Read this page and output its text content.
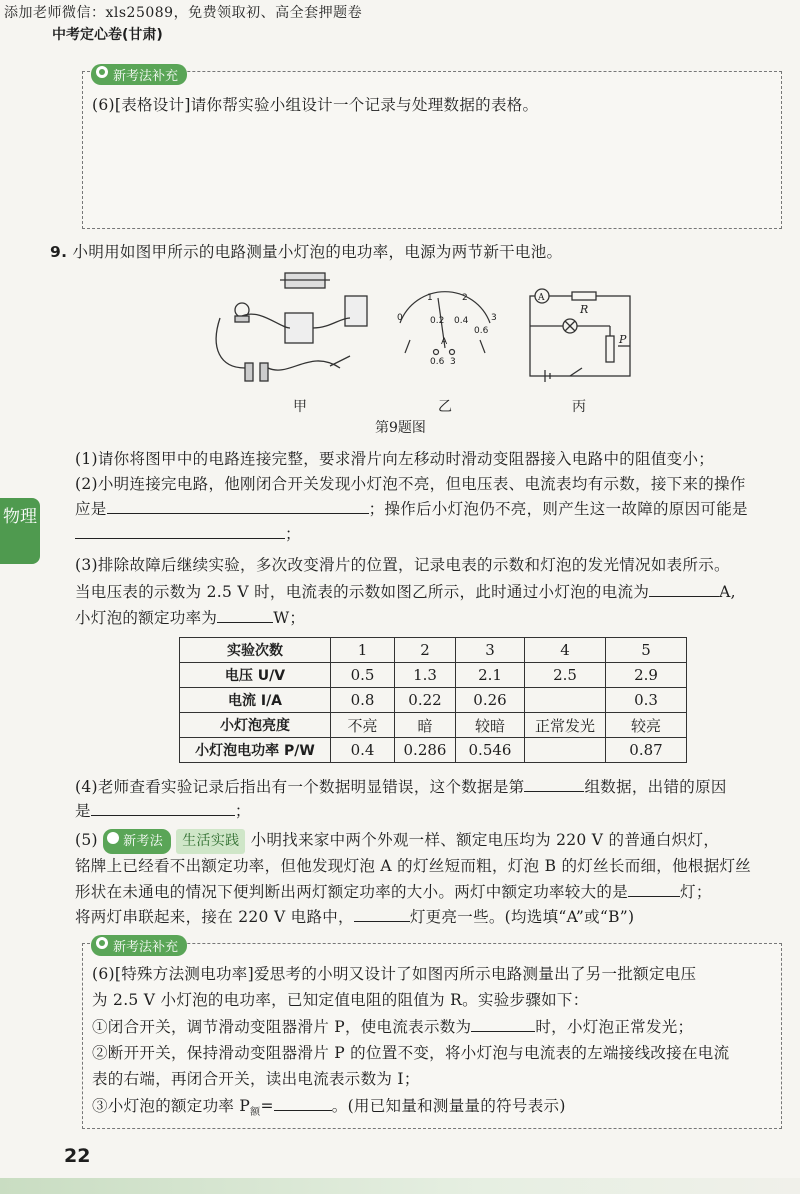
添加老师微信：xls25089，免费领取初、高全套押题卷
中考定心卷(甘肃)
新考法补充
(6)[表格设计]请你帮实验小组设计一个记录与处理数据的表格。
9. 小明用如图甲所示的电路测量小灯泡的电功率，电源为两节新干电池。
0
1	2
3
0.2 0.4
0.6
A
0.6 3
A
R
P
甲	乙	丙
第9题图
物理
(1)请你将图甲中的电路连接完整，要求滑片向左移动时滑动变阻器接入电路中的阻值变小；
(2)小明连接完电路，他刚闭合开关发现小灯泡不亮，但电压表、电流表均有示数，接下来的操作
应是	；操作后小灯泡仍不亮，则产生这一故障的原因可能是
；
(3)排除故障后继续实验，多次改变滑片的位置，记录电表的示数和灯泡的发光情况如表所示。
当电压表的示数为 2.5 V 时，电流表的示数如图乙所示，此时通过小灯泡的电流为	A,
小灯泡的额定功率为	W；
实验次数	1	2	3	4	5
电压 U/V	0.5	1.3	2.1	2.5	2.9
电流 I/A	0.8	0.22	0.26		0.3
小灯泡亮度	不亮	暗	较暗	正常发光	较亮
小灯泡电功率 P/W	0.4	0.286	0.546		0.87
(4)老师查看实验记录后指出有一个数据明显错误，这个数据是第	组数据，出错的原因
是	；
(5) 新考法 生活实践 小明找来家中两个外观一样、额定电压均为 220 V 的普通白炽灯，
铭牌上已经看不出额定功率，但他发现灯泡 A 的灯丝短而粗，灯泡 B 的灯丝长而细，他根据灯丝
形状在未通电的情况下便判断出两灯额定功率的大小。两灯中额定功率较大的是	灯；
将两灯串联起来，接在 220 V 电路中，	灯更亮一些。(均选填“A”或“B”)
新考法补充
(6)[特殊方法测电功率]爱思考的小明又设计了如图丙所示电路测量出了另一批额定电压
为 2.5 V 小灯泡的电功率，已知定值电阻的阻值为 R。实验步骤如下：
①闭合开关，调节滑动变阻器滑片 P，使电流表示数为	时，小灯泡正常发光；
②断开开关，保持滑动变阻器滑片 P 的位置不变，将小灯泡与电流表的左端接线改接在电流
表的右端，再闭合开关，读出电流表示数为 I；
③小灯泡的额定功率 $P_额=$	。(用已知量和测量量的符号表示)
22
